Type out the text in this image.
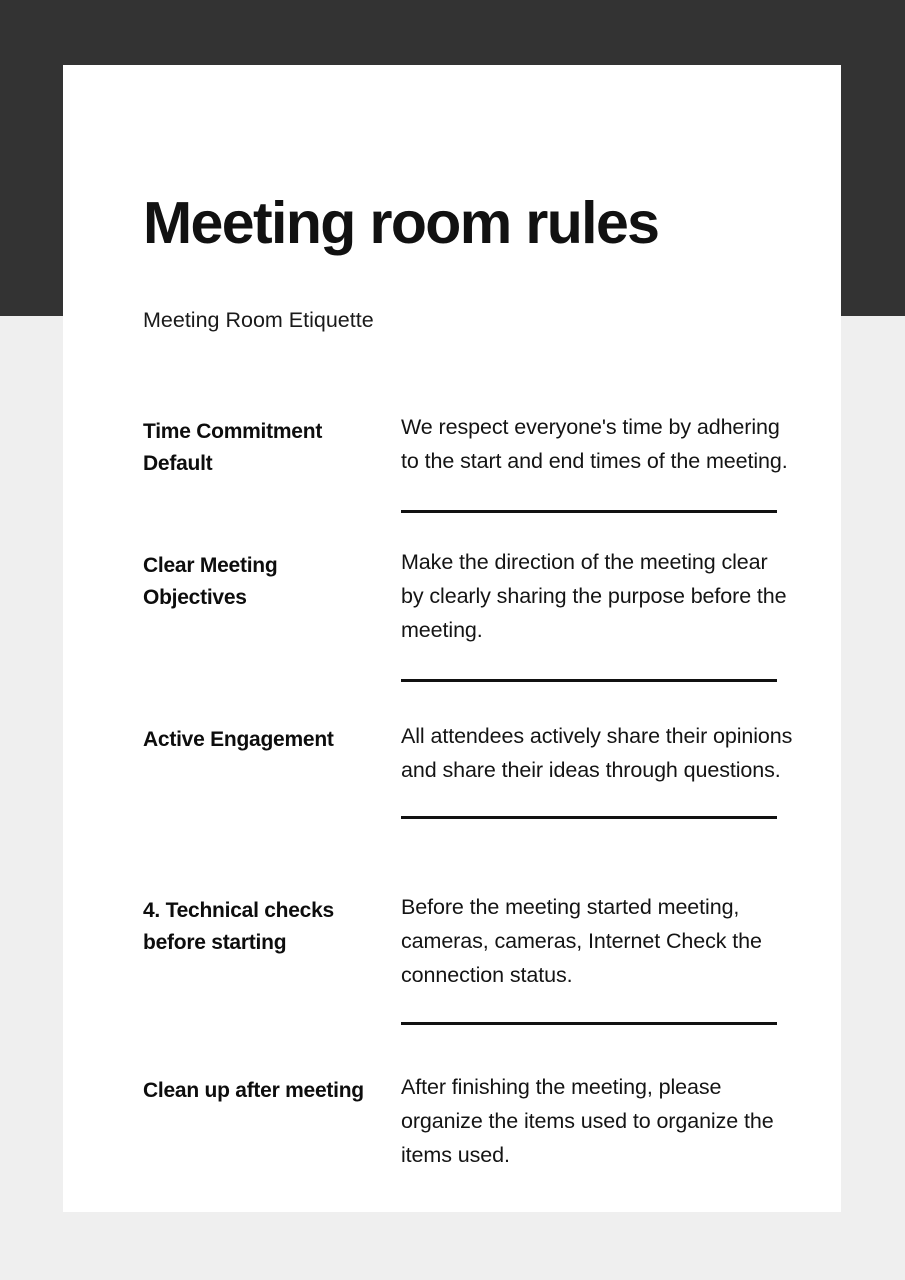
Meeting room rules
Meeting Room Etiquette
Time Commitment Default
We respect everyone's time by adhering to the start and end times of the meeting.
Clear Meeting Objectives
Make the direction of the meeting clear by clearly sharing the purpose before the meeting.
Active Engagement	All attendees actively share their opinions and share their ideas through questions.
4. Technical checks before starting
Before the meeting started meeting, cameras, cameras, Internet Check the connection status.
Clean up after meeting	After finishing the meeting, please organize the items used to organize the items used.
